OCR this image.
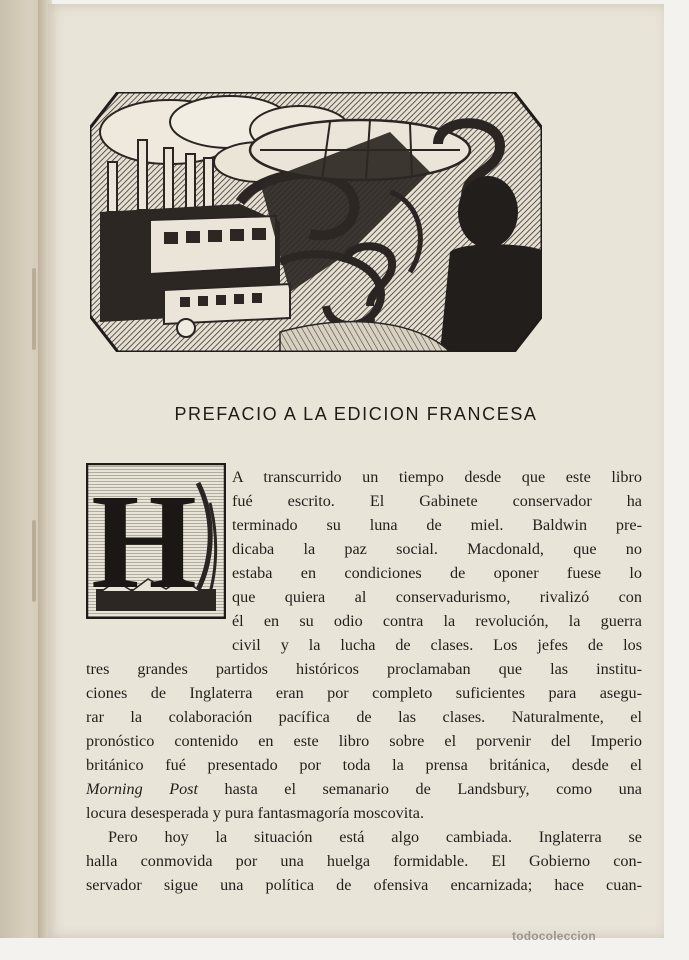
PREFACIO A LA EDICION FRANCESA
H A transcurrido un tiempo desde que este libro
fué escrito. El Gabinete conservador ha
terminado su luna de miel. Baldwin pre-
dicaba la paz social. Macdonald, que no
estaba en condiciones de oponer fuese lo
que quiera al conservadurismo, rivalizó con
él en su odio contra la revolución, la guerra
civil y la lucha de clases. Los jefes de los
tres grandes partidos históricos proclamaban que las institu-
ciones de Inglaterra eran por completo suficientes para asegu-
rar la colaboración pacífica de las clases. Naturalmente, el
pronóstico contenido en este libro sobre el porvenir del Imperio
británico fué presentado por toda la prensa británica, desde el
Morning Post hasta el semanario de Landsbury, como una
locura desesperada y pura fantasmagoría moscovita.
Pero hoy la situación está algo cambiada. Inglaterra se
halla conmovida por una huelga formidable. El Gobierno con-
servador sigue una política de ofensiva encarnizada; hace cuan-
todocoleccion
